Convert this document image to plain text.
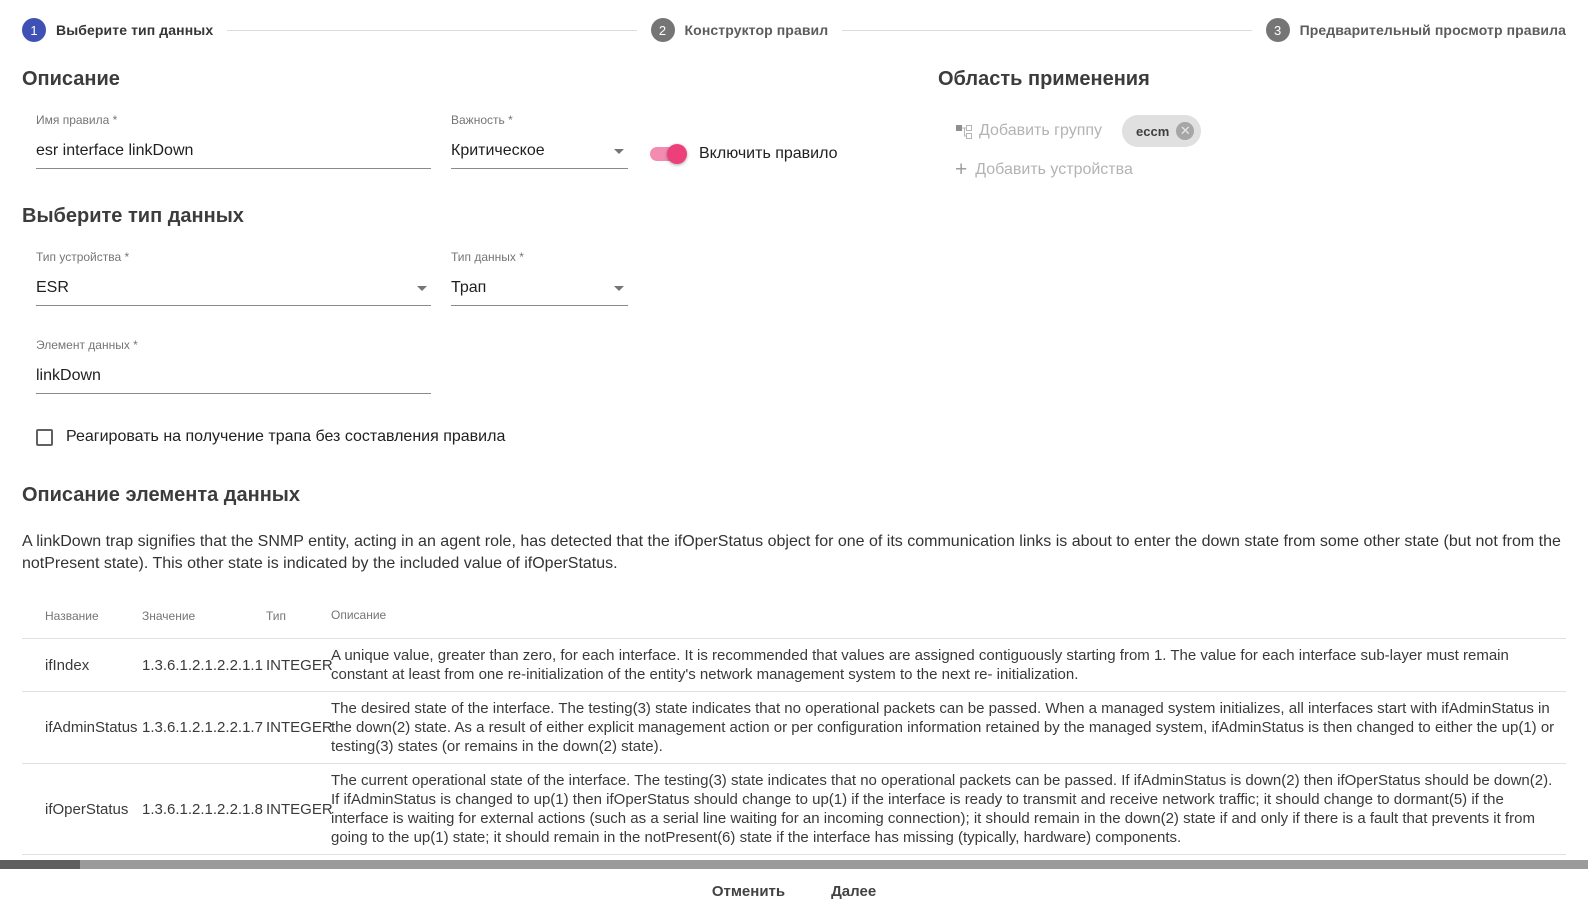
1	Выберите тип данных	2	Конструктор правил	3	Предварительный просмотр правила
Описание
Имя правила *
esr interface linkDown
Важность *
Критическое	Включить правило
Выберите тип данных
Тип устройства *
ESR
Тип данных *
Трап
Элемент данных *
linkDown
Реагировать на получение трапа без составления правила
Область применения
Добавить группу	eccm ✕
+ Добавить устройства
Описание элемента данных

A linkDown trap signifies that the SNMP entity, acting in an agent role, has detected that the ifOperStatus object for one of its communication links is about to enter the down state from some other state (but not from the notPresent state). This other state is indicated by the included value of ifOperStatus.

Название	Значение	Тип	Описание
ifIndex	1.3.6.1.2.1.2.2.1.1	INTEGER	A unique value, greater than zero, for each interface. It is recommended that values are assigned contiguously starting from 1. The value for each interface sub-layer must remain constant at least from one re-initialization of the entity's network management system to the next re- initialization.
ifAdminStatus	1.3.6.1.2.1.2.2.1.7	INTEGER	The desired state of the interface. The testing(3) state indicates that no operational packets can be passed. When a managed system initializes, all interfaces start with ifAdminStatus in the down(2) state. As a result of either explicit management action or per configuration information retained by the managed system, ifAdminStatus is then changed to either the up(1) or testing(3) states (or remains in the down(2) state).
ifOperStatus	1.3.6.1.2.1.2.2.1.8	INTEGER	The current operational state of the interface. The testing(3) state indicates that no operational packets can be passed. If ifAdminStatus is down(2) then ifOperStatus should be down(2). If ifAdminStatus is changed to up(1) then ifOperStatus should change to up(1) if the interface is ready to transmit and receive network traffic; it should change to dormant(5) if the interface is waiting for external actions (such as a serial line waiting for an incoming connection); it should remain in the down(2) state if and only if there is a fault that prevents it from going to the up(1) state; it should remain in the notPresent(6) state if the interface has missing (typically, hardware) components.
Отменить	Далее
